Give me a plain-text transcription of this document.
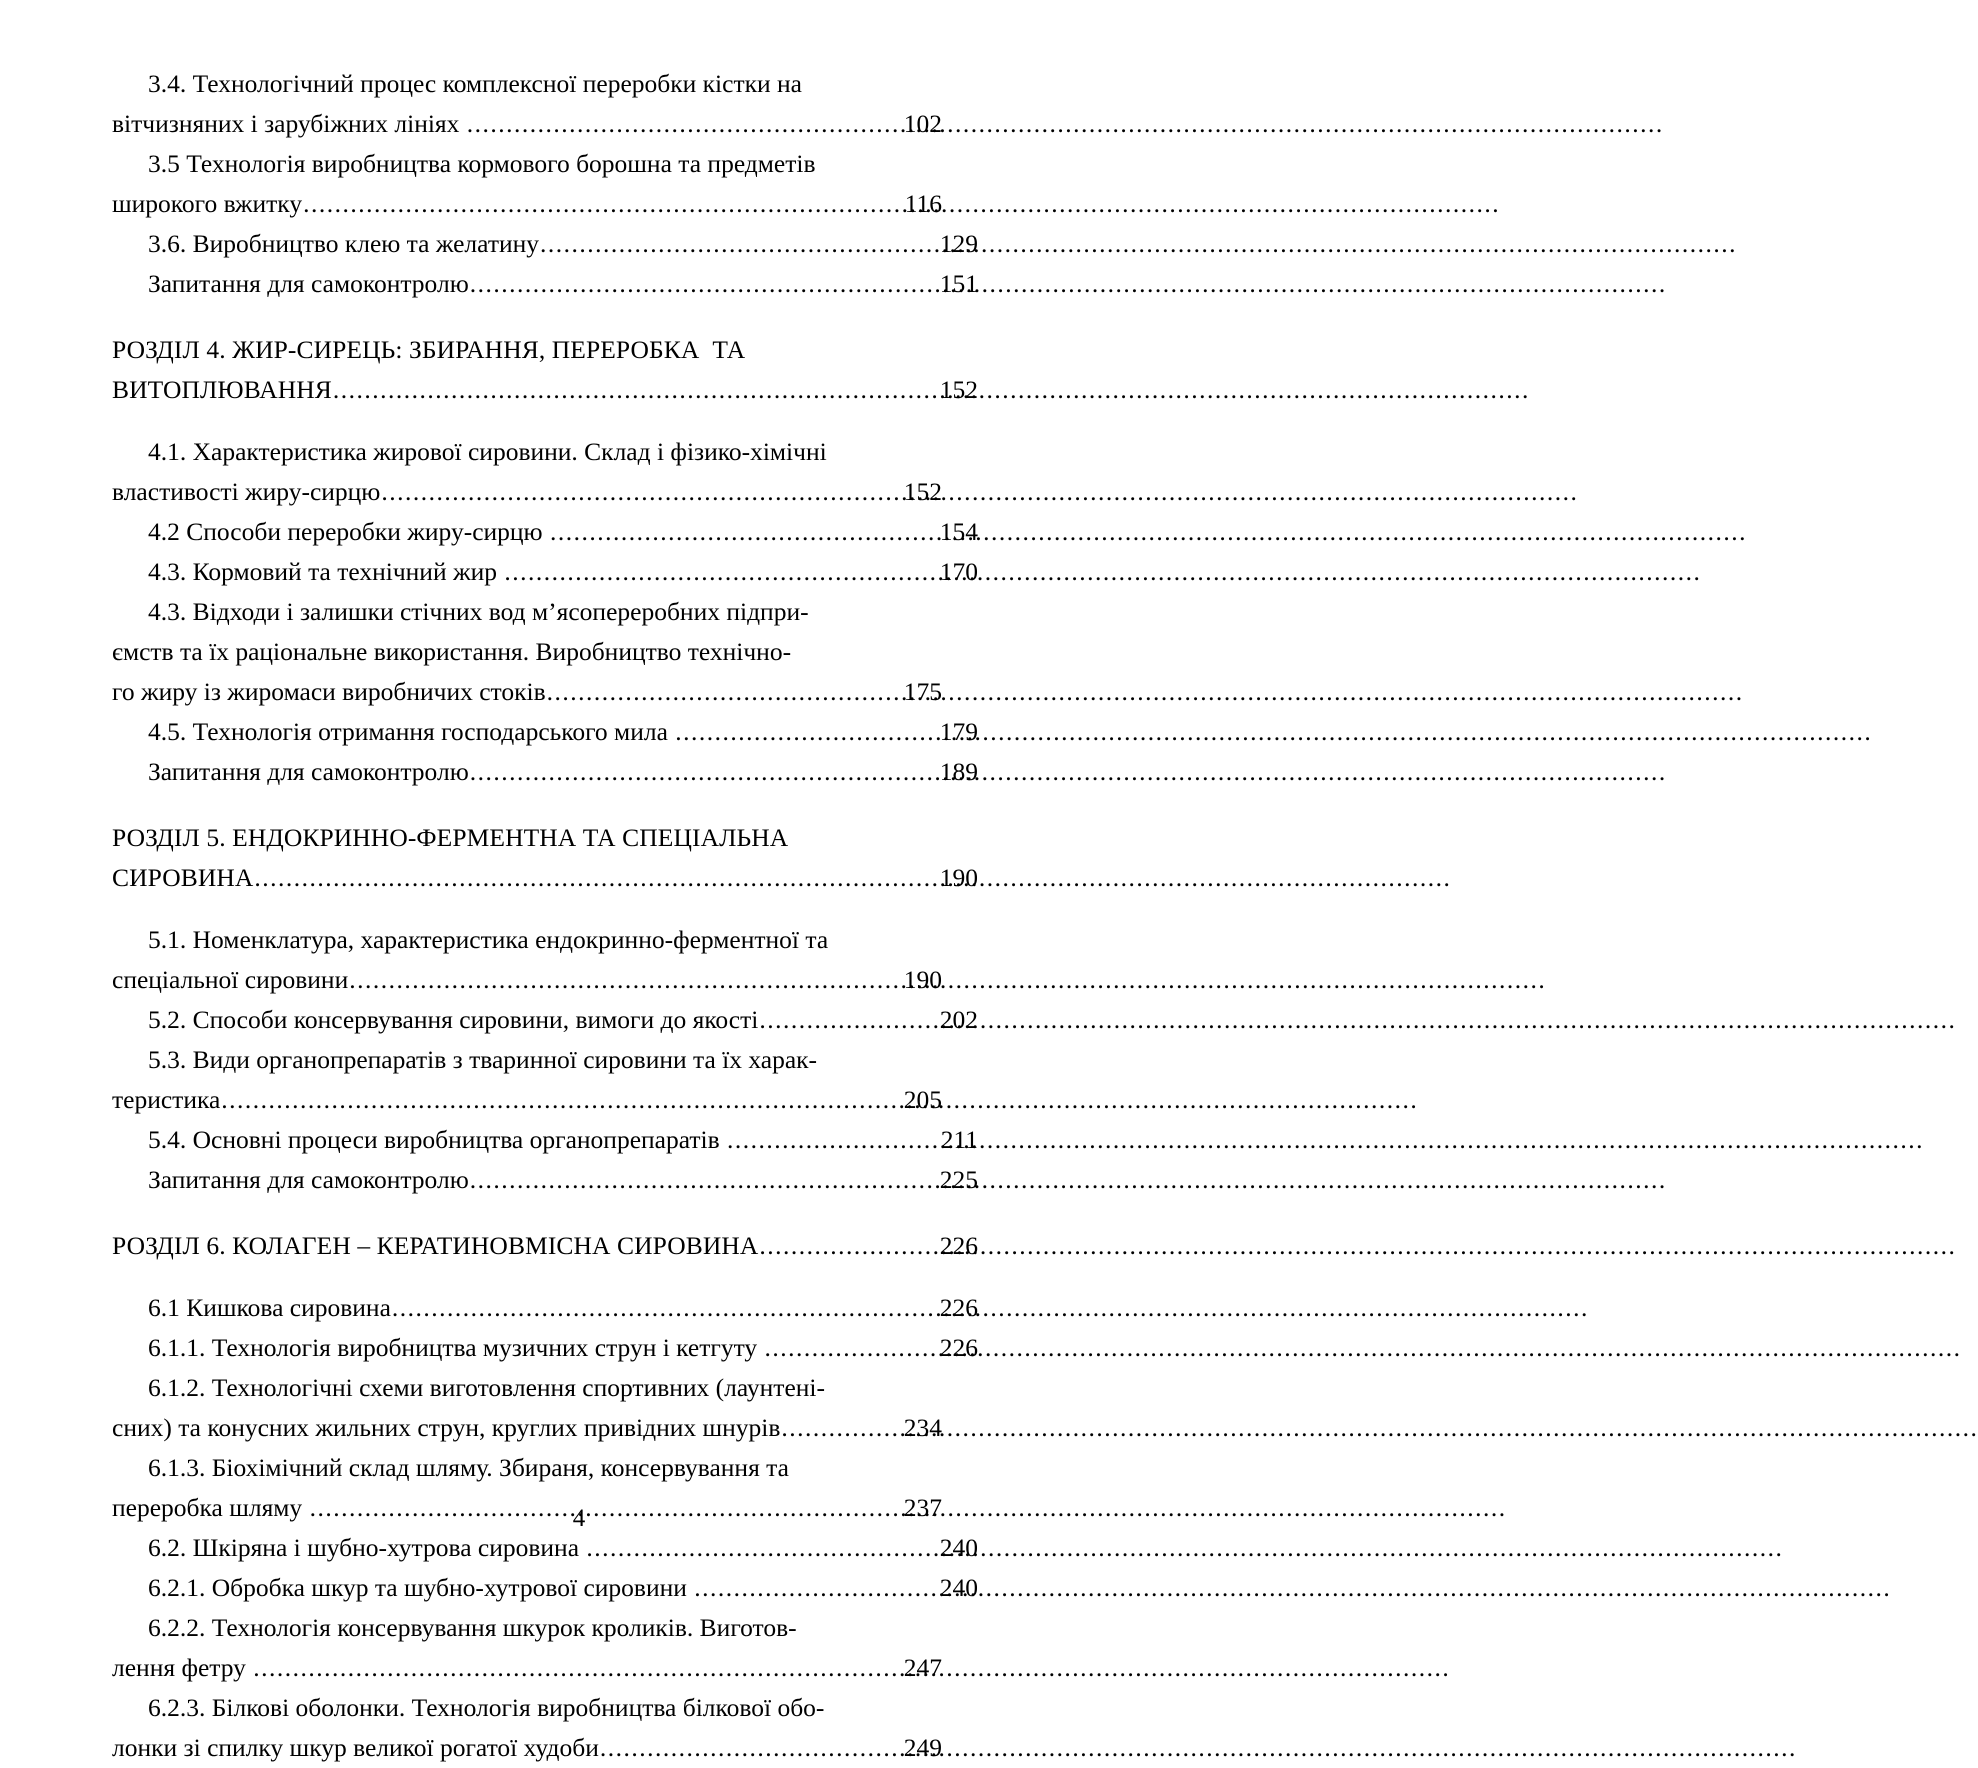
3.4. Технологічний процес комплексної переробки кістки на
вітчизняних і зарубіжних лініях .....	102
3.5 Технологія виробництва кормового борошна та предметів
широкого вжитку .....	116
3.6. Виробництво клею та желатину .....	129
Запитання для самоконтролю .....	151
РОЗДІЛ 4. ЖИР-СИРЕЦЬ: ЗБИРАННЯ, ПЕРЕРОБКА  ТА
ВИТОПЛЮВАННЯ .....	152
4.1. Характеристика жирової сировини. Склад і фізико-хімічні
властивості жиру-сирцю .....	152
4.2 Способи переробки жиру-сирцю .....	154
4.3. Кормовий та технічний жир .....	170
4.3. Відходи і залишки стічних вод м’ясопереробних підпри-
ємств та їх раціональне використання. Виробництво технічно-
го жиру із жиромаси виробничих стоків .....	175
4.5. Технологія отримання господарського мила .....	179
Запитання для самоконтролю .....	189
РОЗДІЛ 5. ЕНДОКРИННО-ФЕРМЕНТНА ТА СПЕЦІАЛЬНА
СИРОВИНА .....	190
5.1. Номенклатура, характеристика ендокринно-ферментної та
спеціальної сировини .....	190
5.2. Способи консервування сировини, вимоги до якості .....	202
5.3. Види органопрепаратів з тваринної сировини та їх харак-
теристика .....	205
5.4. Основні процеси виробництва органопрепаратів .....	211
Запитання для самоконтролю .....	225
РОЗДІЛ 6. КОЛАГЕН – КЕРАТИНОВМІСНА СИРОВИНА .....	226
6.1 Кишкова сировина .....	226
6.1.1. Технологія виробництва музичних струн і кетгуту .....	226
6.1.2. Технологічні схеми виготовлення спортивних (лаунтені-
сних) та конусних жильних струн, круглих привідних шнурів .....	234
6.1.3. Біохімічний склад шляму. Збираня, консервування та
переробка шляму .....	237
6.2. Шкіряна і шубно-хутрова сировина .....	240
6.2.1. Обробка шкур та шубно-хутрової сировини .....	240
6.2.2. Технологія консервування шкурок кроликів. Виготов-
лення фетру .....	247
6.2.3. Білкові оболонки. Технологія виробництва білкової обо-
лонки зі спилку шкур великої рогатої худоби .....	249
4
